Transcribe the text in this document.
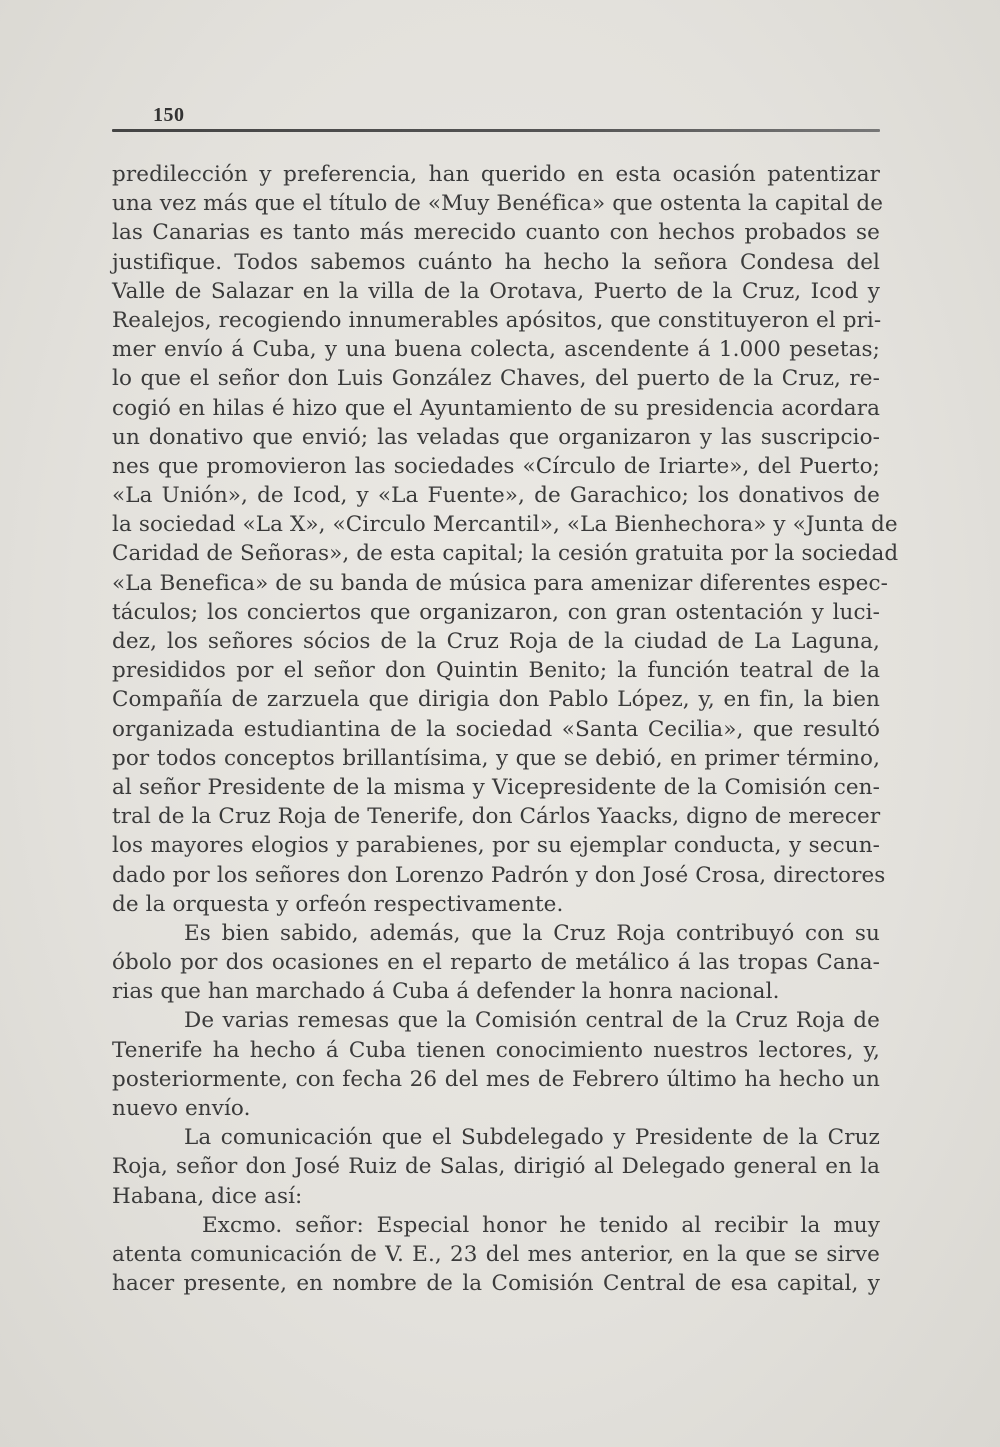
150
predilección y preferencia, han querido en esta ocasión patentizar
una vez más que el título de «Muy Benéfica» que ostenta la capital de
las Canarias es tanto más merecido cuanto con hechos probados se
justifique. Todos sabemos cuánto ha hecho la señora Condesa del
Valle de Salazar en la villa de la Orotava, Puerto de la Cruz, Icod y
Realejos, recogiendo innumerables apósitos, que constituyeron el pri-
mer envío á Cuba, y una buena colecta, ascendente á 1.000 pesetas;
lo que el señor don Luis González Chaves, del puerto de la Cruz, re-
cogió en hilas é hizo que el Ayuntamiento de su presidencia acordara
un donativo que envió; las veladas que organizaron y las suscripcio-
nes que promovieron las sociedades «Círculo de Iriarte», del Puerto;
«La Unión», de Icod, y «La Fuente», de Garachico; los donativos de
la sociedad «La X», «Circulo Mercantil», «La Bienhechora» y «Junta de
Caridad de Señoras», de esta capital; la cesión gratuita por la sociedad
«La Benefica» de su banda de música para amenizar diferentes espec-
táculos; los conciertos que organizaron, con gran ostentación y luci-
dez, los señores sócios de la Cruz Roja de la ciudad de La Laguna,
presididos por el señor don Quintin Benito; la función teatral de la
Compañía de zarzuela que dirigia don Pablo López, y, en fin, la bien
organizada estudiantina de la sociedad «Santa Cecilia», que resultó
por todos conceptos brillantísima, y que se debió, en primer término,
al señor Presidente de la misma y Vicepresidente de la Comisión cen-
tral de la Cruz Roja de Tenerife, don Cárlos Yaacks, digno de merecer
los mayores elogios y parabienes, por su ejemplar conducta, y secun-
dado por los señores don Lorenzo Padrón y don José Crosa, directores
de la orquesta y orfeón respectivamente.
Es bien sabido, además, que la Cruz Roja contribuyó con su
óbolo por dos ocasiones en el reparto de metálico á las tropas Cana-
rias que han marchado á Cuba á defender la honra nacional.
De varias remesas que la Comisión central de la Cruz Roja de
Tenerife ha hecho á Cuba tienen conocimiento nuestros lectores, y,
posteriormente, con fecha 26 del mes de Febrero último ha hecho un
nuevo envío.
La comunicación que el Subdelegado y Presidente de la Cruz
Roja, señor don José Ruiz de Salas, dirigió al Delegado general en la
Habana, dice así:
Excmo. señor: Especial honor he tenido al recibir la muy
atenta comunicación de V. E., 23 del mes anterior, en la que se sirve
hacer presente, en nombre de la Comisión Central de esa capital, y
